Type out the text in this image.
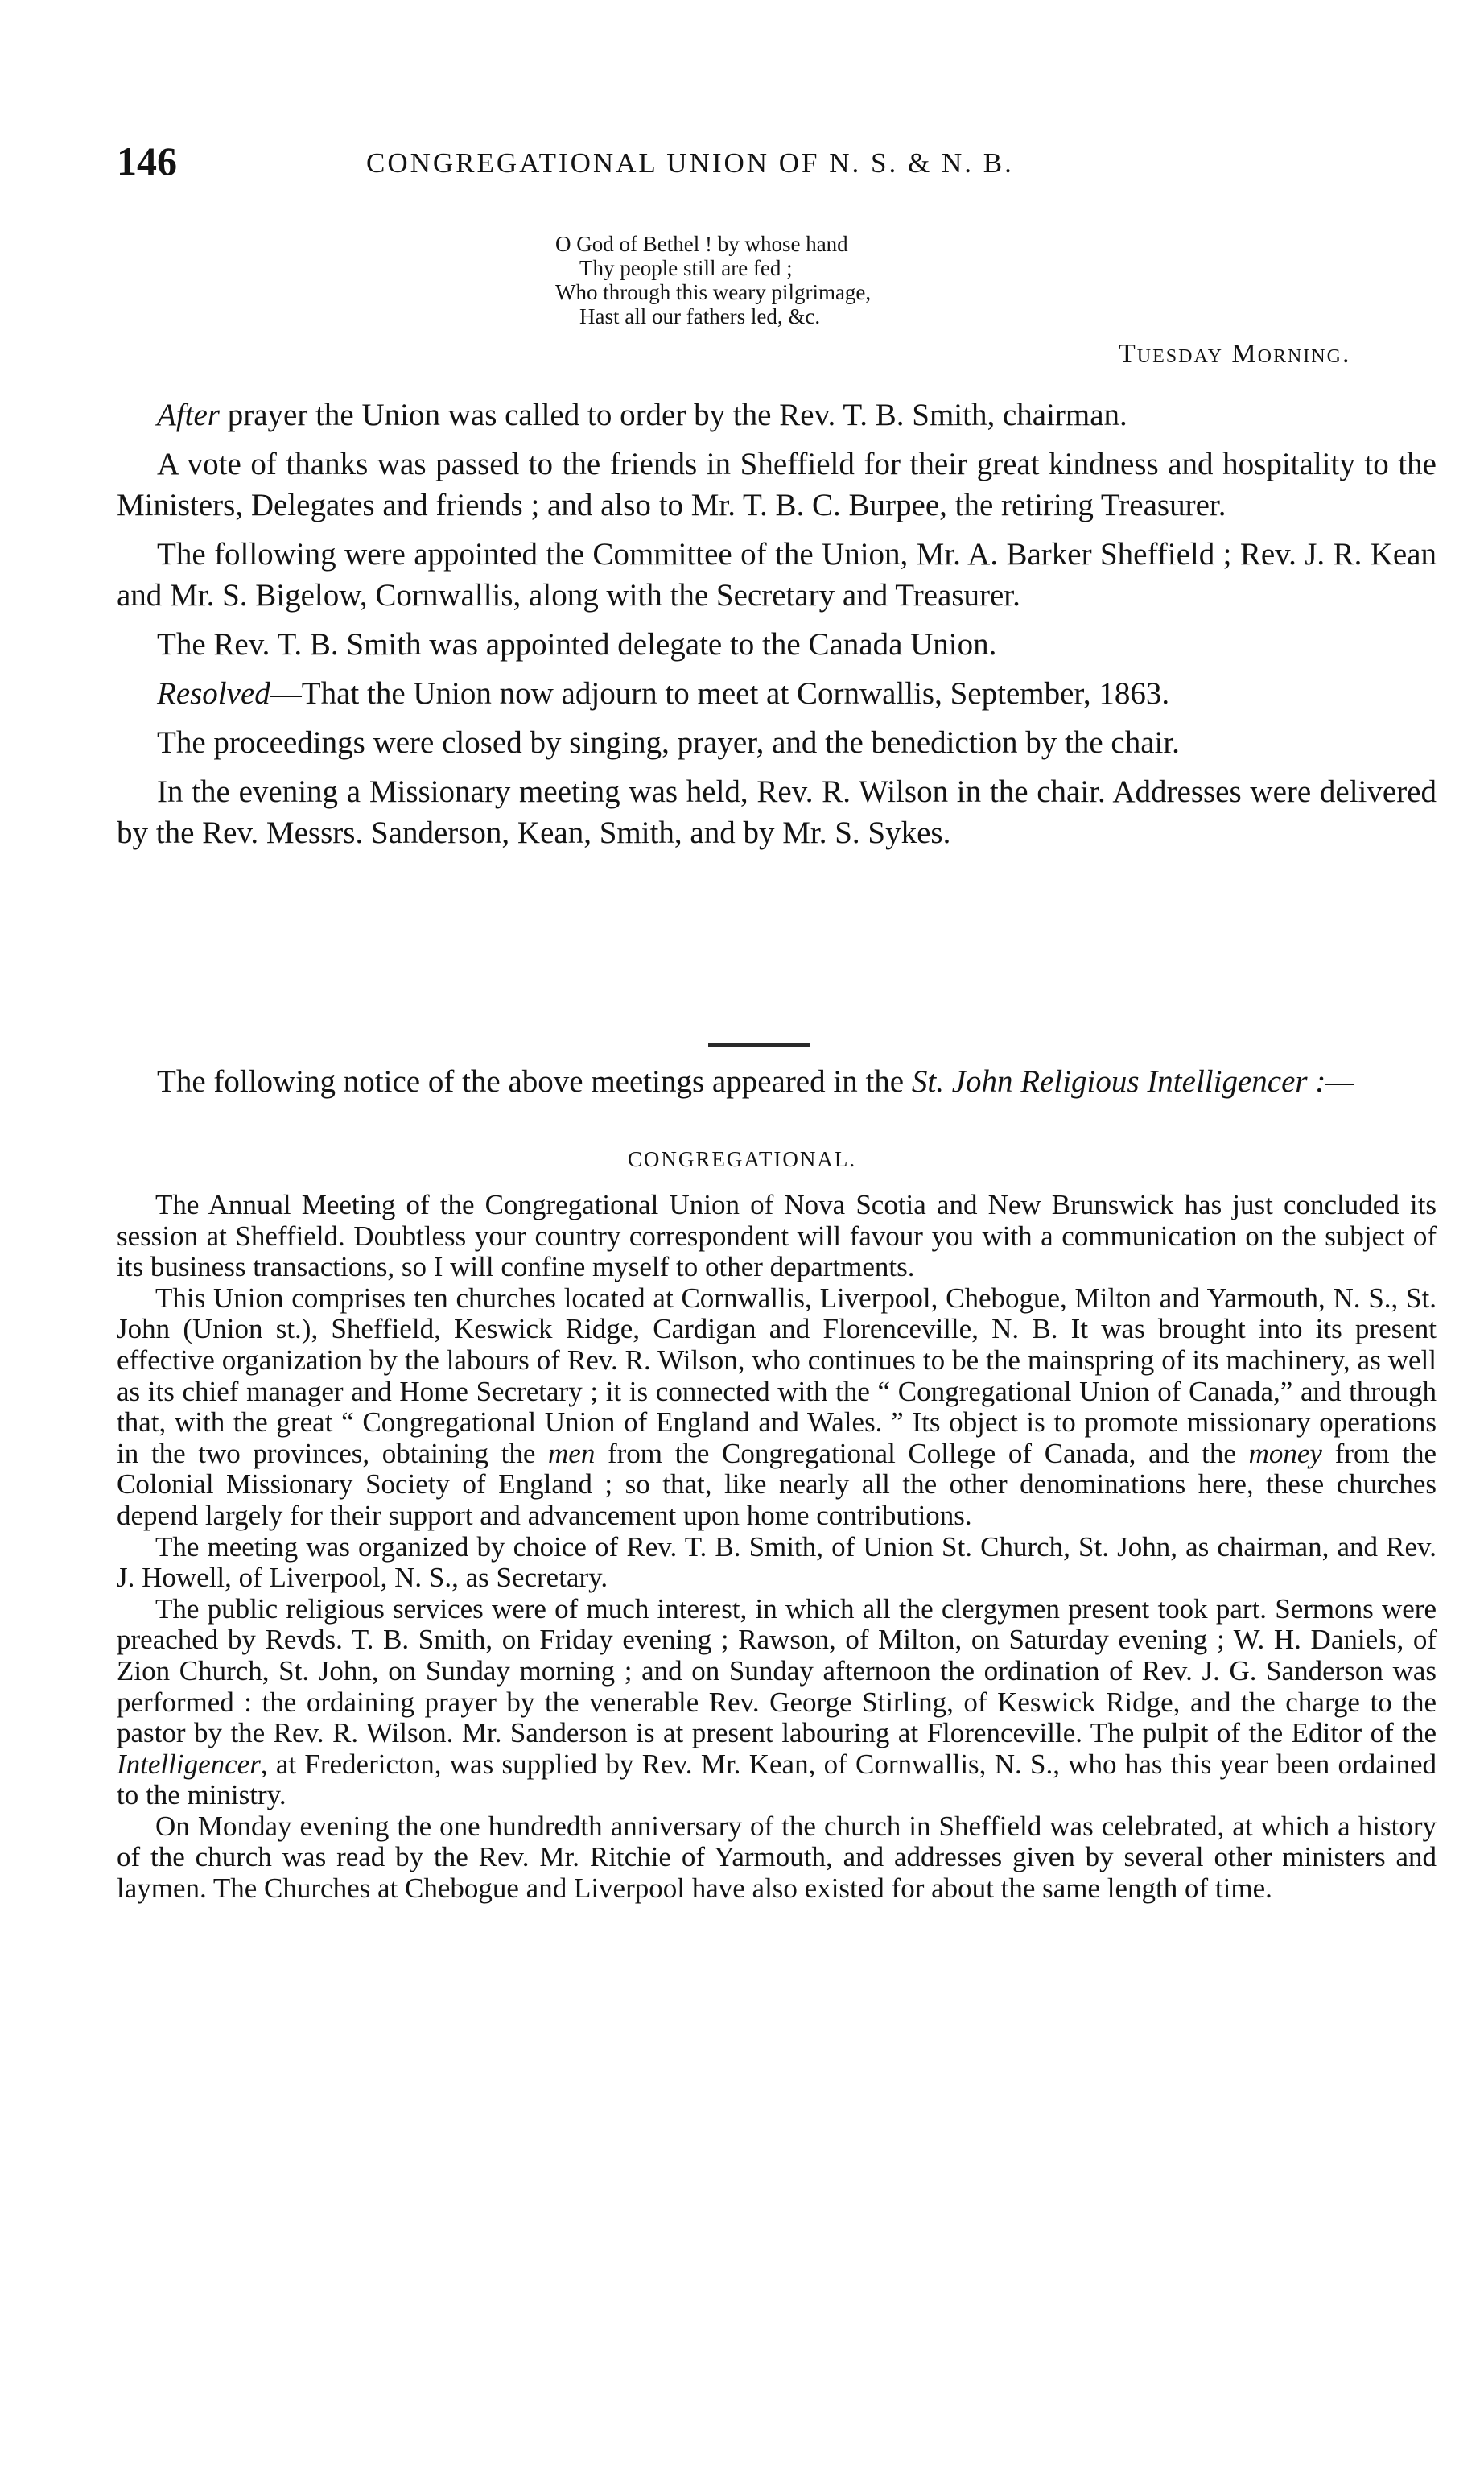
146	CONGREGATIONAL UNION OF N. S. & N. B.
O God of Bethel ! by whose hand
Thy people still are fed ;
Who through this weary pilgrimage,
Hast all our fathers led, &c.
Tuesday Morning.

After prayer the Union was called to order by the Rev. T. B. Smith, chairman.

A vote of thanks was passed to the friends in Sheffield for their great kindness and hospitality to the Ministers, Delegates and friends ; and also to Mr. T. B. C. Burpee, the retiring Treasurer.

The following were appointed the Committee of the Union, Mr. A. Barker Sheffield ; Rev. J. R. Kean and Mr. S. Bigelow, Cornwallis, along with the Secretary and Treasurer.

The Rev. T. B. Smith was appointed delegate to the Canada Union.

Resolved—That the Union now adjourn to meet at Cornwallis, September, 1863.

The proceedings were closed by singing, prayer, and the benediction by the chair.

In the evening a Missionary meeting was held, Rev. R. Wilson in the chair. Addresses were delivered by the Rev. Messrs. Sanderson, Kean, Smith, and by Mr. S. Sykes.

The following notice of the above meetings appeared in the St. John Religious Intelligencer :—

CONGREGATIONAL.

The Annual Meeting of the Congregational Union of Nova Scotia and New Brunswick has just concluded its session at Sheffield. Doubtless your country correspondent will favour you with a communication on the subject of its business transactions, so I will confine myself to other departments.

This Union comprises ten churches located at Cornwallis, Liverpool, Chebogue, Milton and Yarmouth, N. S., St. John (Union st.), Sheffield, Keswick Ridge, Cardigan and Florenceville, N. B. It was brought into its present effective organization by the labours of Rev. R. Wilson, who continues to be the mainspring of its machinery, as well as its chief manager and Home Secretary ; it is connected with the “ Congregational Union of Canada,” and through that, with the great “ Congregational Union of England and Wales. ” Its object is to promote missionary operations in the two provinces, obtaining the men from the Congregational College of Canada, and the money from the Colonial Missionary Society of England ; so that, like nearly all the other denominations here, these churches depend largely for their support and advancement upon home contributions.

The meeting was organized by choice of Rev. T. B. Smith, of Union St. Church, St. John, as chairman, and Rev. J. Howell, of Liverpool, N. S., as Secretary.

The public religious services were of much interest, in which all the clergymen present took part. Sermons were preached by Revds. T. B. Smith, on Friday evening ; Rawson, of Milton, on Saturday evening ; W. H. Daniels, of Zion Church, St. John, on Sunday morning ; and on Sunday afternoon the ordination of Rev. J. G. Sanderson was performed : the ordaining prayer by the venerable Rev. George Stirling, of Keswick Ridge, and the charge to the pastor by the Rev. R. Wilson. Mr. Sanderson is at present labouring at Florenceville. The pulpit of the Editor of the Intelligencer, at Fredericton, was supplied by Rev. Mr. Kean, of Cornwallis, N. S., who has this year been ordained to the ministry.

On Monday evening the one hundredth anniversary of the church in Sheffield was celebrated, at which a history of the church was read by the Rev. Mr. Ritchie of Yarmouth, and addresses given by several other ministers and laymen. The Churches at Chebogue and Liverpool have also existed for about the same length of time.
